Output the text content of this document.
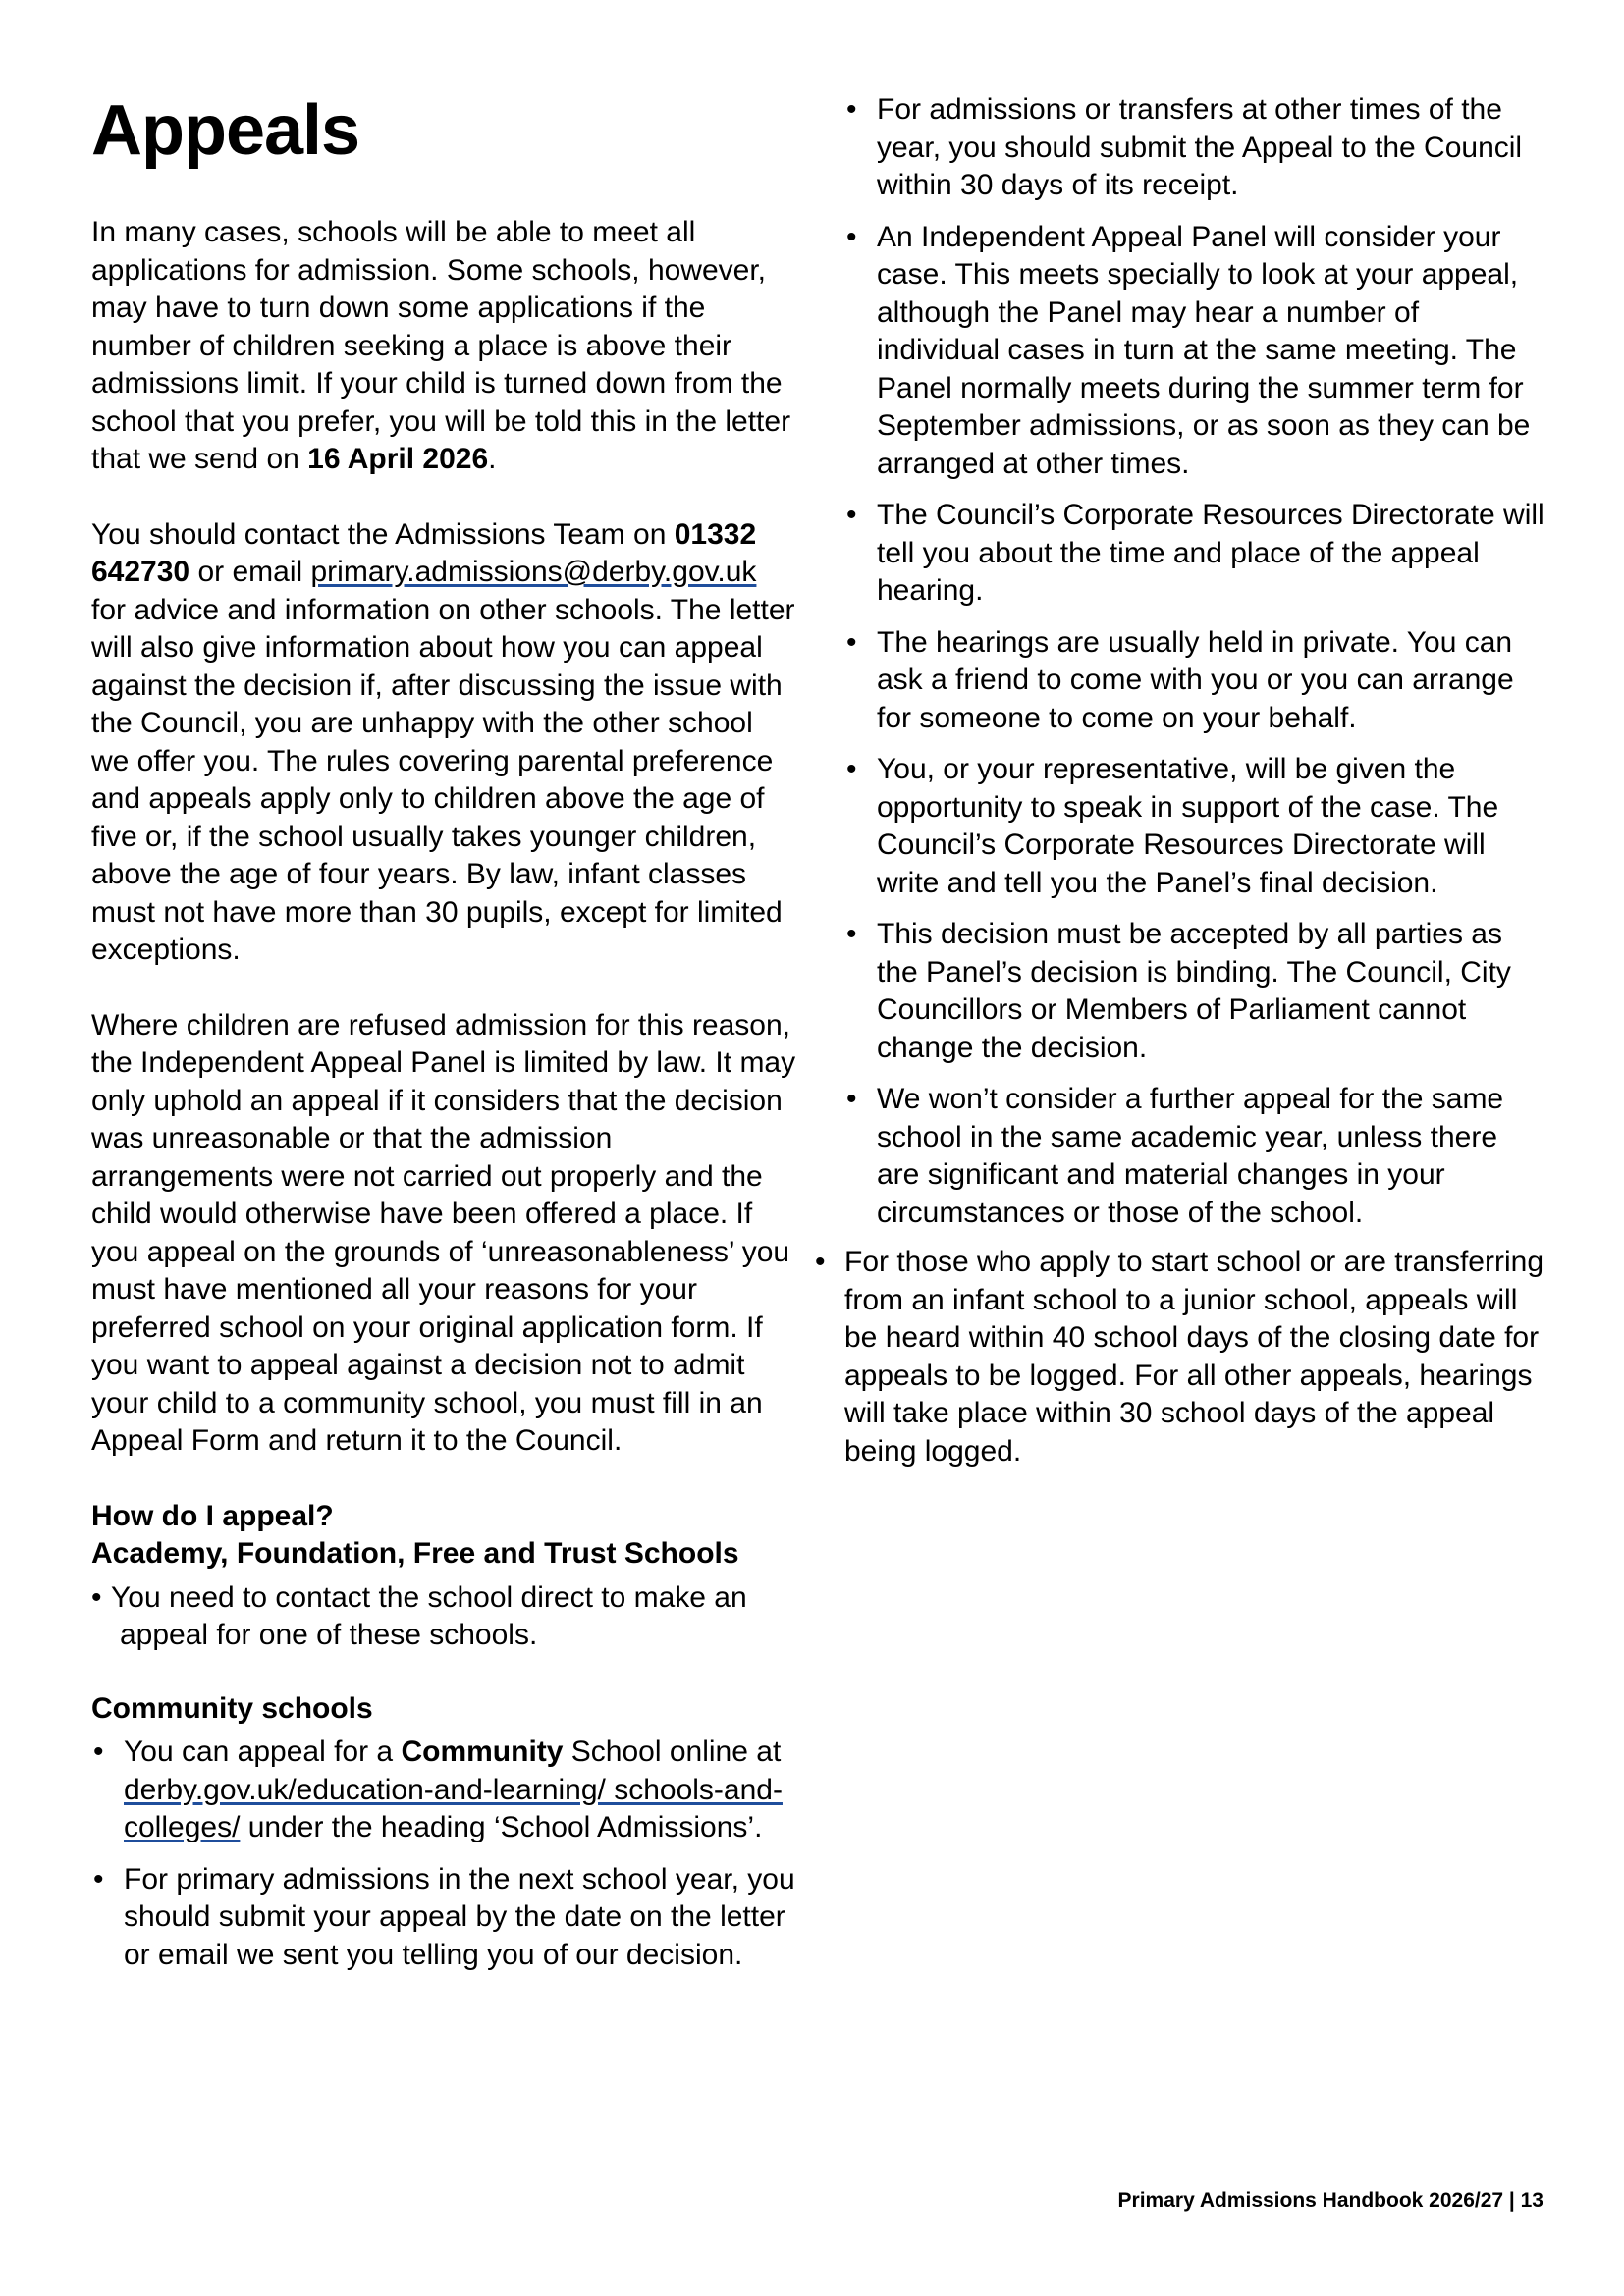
Appeals

In many cases, schools will be able to meet all applications for admission. Some schools, however, may have to turn down some applications if the number of children seeking a place is above their admissions limit. If your child is turned down from the school that you prefer, you will be told this in the letter that we send on 16 April 2026.

You should contact the Admissions Team on 01332 642730 or email primary.admissions@derby.gov.uk for advice and information on other schools. The letter will also give information about how you can appeal against the decision if, after discussing the issue with the Council, you are unhappy with the other school we offer you. The rules covering parental preference and appeals apply only to children above the age of five or, if the school usually takes younger children, above the age of four years. By law, infant classes must not have more than 30 pupils, except for limited exceptions.

Where children are refused admission for this reason, the Independent Appeal Panel is limited by law. It may only uphold an appeal if it considers that the decision was unreasonable or that the admission arrangements were not carried out properly and the child would otherwise have been offered a place. If you appeal on the grounds of ‘unreasonableness’ you must have mentioned all your reasons for your preferred school on your original application form. If you want to appeal against a decision not to admit your child to a community school, you must fill in an Appeal Form and return it to the Council.

How do I appeal?
Academy, Foundation, Free and Trust Schools
• You need to contact the school direct to make an appeal for one of these schools.
Community schools
• You can appeal for a Community School online at derby.gov.uk/education-and-learning/ schools-and-colleges/ under the heading ‘School Admissions’.
• For primary admissions in the next school year, you should submit your appeal by the date on the letter or email we sent you telling you of our decision.
• For admissions or transfers at other times of the year, you should submit the Appeal to the Council within 30 days of its receipt.
• An Independent Appeal Panel will consider your case. This meets specially to look at your appeal, although the Panel may hear a number of individual cases in turn at the same meeting. The Panel normally meets during the summer term for September admissions, or as soon as they can be arranged at other times.
• The Council’s Corporate Resources Directorate will tell you about the time and place of the appeal hearing.
• The hearings are usually held in private. You can ask a friend to come with you or you can arrange for someone to come on your behalf.
• You, or your representative, will be given the opportunity to speak in support of the case. The Council’s Corporate Resources Directorate will write and tell you the Panel’s final decision.
• This decision must be accepted by all parties as the Panel’s decision is binding. The Council, City Councillors or Members of Parliament cannot change the decision.
• We won’t consider a further appeal for the same school in the same academic year, unless there are significant and material changes in your circumstances or those of the school.
• For those who apply to start school or are transferring from an infant school to a junior school, appeals will be heard within 40 school days of the closing date for appeals to be logged. For all other appeals, hearings will take place within 30 school days of the appeal being logged.
Primary Admissions Handbook 2026/27 | 13
